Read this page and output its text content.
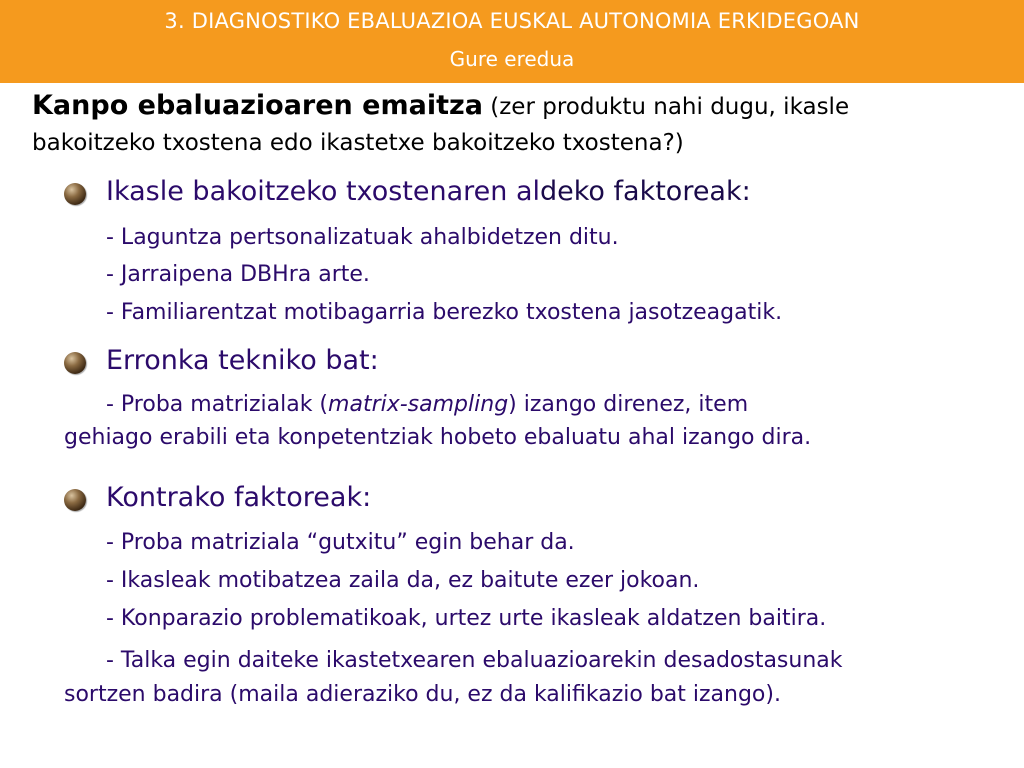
3. DIAGNOSTIKO EBALUAZIOA EUSKAL AUTONOMIA ERKIDEGOAN
Gure eredua
Kanpo ebaluazioaren emaitza (zer produktu nahi dugu, ikasle
bakoitzeko txostena edo ikastetxe bakoitzeko txostena?)
Ikasle bakoitzeko txostenaren aldeko faktoreak:
- Laguntza pertsonalizatuak ahalbidetzen ditu.
- Jarraipena DBHra arte.
- Familiarentzat motibagarria berezko txostena jasotzeagatik.
Erronka tekniko bat:
- Proba matrizialak (matrix-sampling) izango direnez, item
gehiago erabili eta konpetentziak hobeto ebaluatu ahal izango dira.
Kontrako faktoreak:
- Proba matriziala “gutxitu” egin behar da.
- Ikasleak motibatzea zaila da, ez baitute ezer jokoan.
- Konparazio problematikoak, urtez urte ikasleak aldatzen baitira.
- Talka egin daiteke ikastetxearen ebaluazioarekin desadostasunak
sortzen badira (maila adieraziko du, ez da kalifikazio bat izango).
